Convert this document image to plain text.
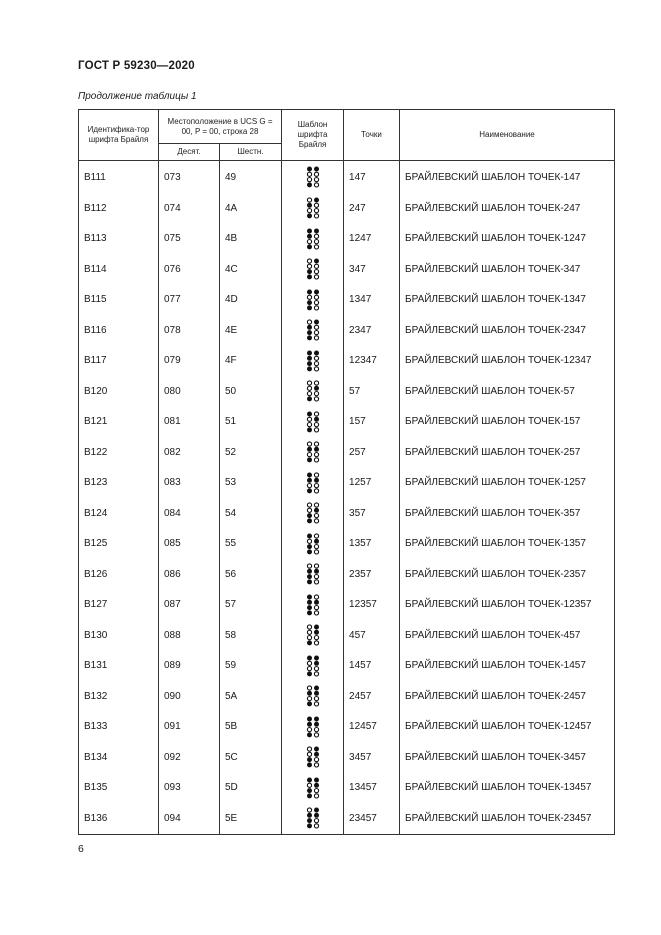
ГОСТ Р 59230—2020
Продолжение таблицы 1
Идентифика-тор шрифта Брайля	Местоположение в UCS G = 00, P = 00, строка 28		Шаблон шрифта Брайля	Точки	Наименование
	Десят.	Шестн.			
B111	073	49		147	БРАЙЛЕВСКИЙ ШАБЛОН ТОЧЕК-147
B112	074	4A		247	БРАЙЛЕВСКИЙ ШАБЛОН ТОЧЕК-247
B113	075	4B		1247	БРАЙЛЕВСКИЙ ШАБЛОН ТОЧЕК-1247
B114	076	4C		347	БРАЙЛЕВСКИЙ ШАБЛОН ТОЧЕК-347
B115	077	4D		1347	БРАЙЛЕВСКИЙ ШАБЛОН ТОЧЕК-1347
B116	078	4E		2347	БРАЙЛЕВСКИЙ ШАБЛОН ТОЧЕК-2347
B117	079	4F		12347	БРАЙЛЕВСКИЙ ШАБЛОН ТОЧЕК-12347
B120	080	50		57	БРАЙЛЕВСКИЙ ШАБЛОН ТОЧЕК-57
B121	081	51		157	БРАЙЛЕВСКИЙ ШАБЛОН ТОЧЕК-157
B122	082	52		257	БРАЙЛЕВСКИЙ ШАБЛОН ТОЧЕК-257
B123	083	53		1257	БРАЙЛЕВСКИЙ ШАБЛОН ТОЧЕК-1257
B124	084	54		357	БРАЙЛЕВСКИЙ ШАБЛОН ТОЧЕК-357
B125	085	55		1357	БРАЙЛЕВСКИЙ ШАБЛОН ТОЧЕК-1357
B126	086	56		2357	БРАЙЛЕВСКИЙ ШАБЛОН ТОЧЕК-2357
B127	087	57		12357	БРАЙЛЕВСКИЙ ШАБЛОН ТОЧЕК-12357
B130	088	58		457	БРАЙЛЕВСКИЙ ШАБЛОН ТОЧЕК-457
B131	089	59		1457	БРАЙЛЕВСКИЙ ШАБЛОН ТОЧЕК-1457
B132	090	5A		2457	БРАЙЛЕВСКИЙ ШАБЛОН ТОЧЕК-2457
B133	091	5B		12457	БРАЙЛЕВСКИЙ ШАБЛОН ТОЧЕК-12457
B134	092	5C		3457	БРАЙЛЕВСКИЙ ШАБЛОН ТОЧЕК-3457
B135	093	5D		13457	БРАЙЛЕВСКИЙ ШАБЛОН ТОЧЕК-13457
B136	094	5E		23457	БРАЙЛЕВСКИЙ ШАБЛОН ТОЧЕК-23457

6
